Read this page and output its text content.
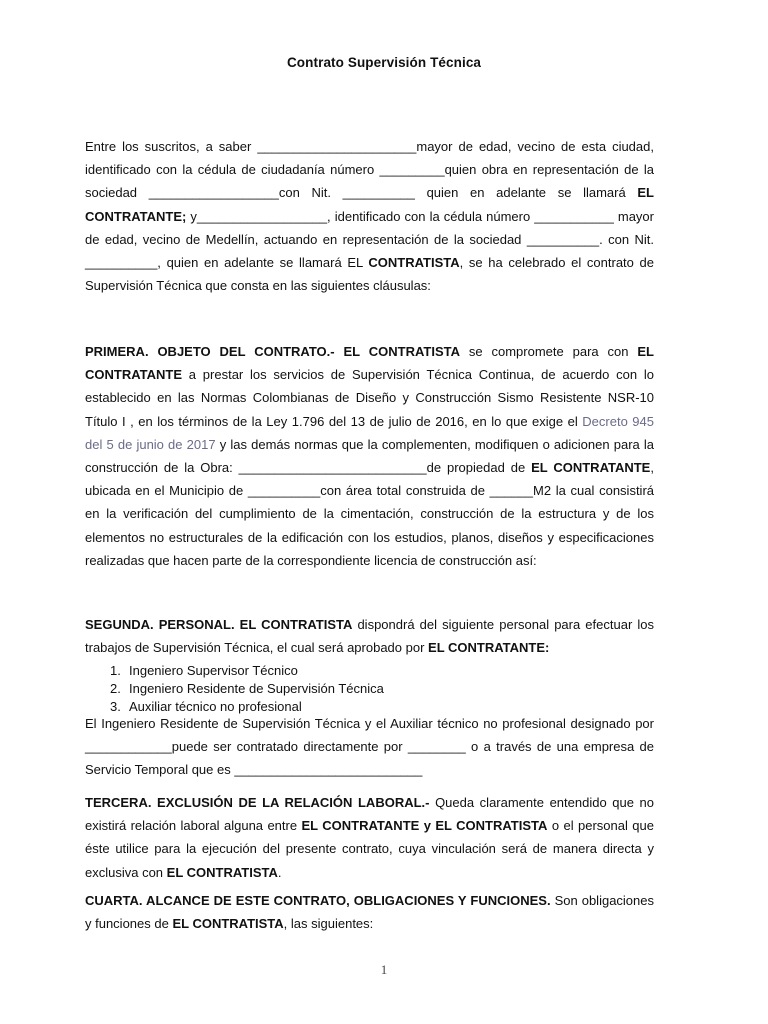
Contrato Supervisión Técnica
Entre los suscritos, a saber ______________________mayor de edad, vecino de esta ciudad, identificado con la cédula de ciudadanía número _________quien obra en representación de la sociedad __________________con Nit. __________ quien en adelante se llamará EL CONTRATANTE; y__________________, identificado con la cédula número ___________ mayor de edad, vecino de Medellín, actuando en representación de la sociedad __________. con Nit. __________, quien en adelante se llamará EL CONTRATISTA, se ha celebrado el contrato de Supervisión Técnica que consta en las siguientes cláusulas:
PRIMERA. OBJETO DEL CONTRATO.- EL CONTRATISTA se compromete para con EL CONTRATANTE a prestar los servicios de Supervisión Técnica Continua, de acuerdo con lo establecido en las Normas Colombianas de Diseño y Construcción Sismo Resistente NSR-10 Título I , en los términos de la Ley 1.796 del 13 de julio de 2016, en lo que exige el Decreto 945 del 5 de junio de 2017 y las demás normas que la complementen, modifiquen o adicionen para la construcción de la Obra: __________________________de propiedad de EL CONTRATANTE, ubicada en el Municipio de __________con área total construida de ______M2 la cual consistirá en la verificación del cumplimiento de la cimentación, construcción de la estructura y de los elementos no estructurales de la edificación con los estudios, planos, diseños y especificaciones realizadas que hacen parte de la correspondiente licencia de construcción así:
SEGUNDA. PERSONAL. EL CONTRATISTA dispondrá del siguiente personal para efectuar los trabajos de Supervisión Técnica, el cual será aprobado por EL CONTRATANTE:
1. Ingeniero Supervisor Técnico
2. Ingeniero Residente de Supervisión Técnica
3. Auxiliar técnico no profesional
El Ingeniero Residente de Supervisión Técnica y el Auxiliar técnico no profesional designado por ____________puede ser contratado directamente por ________ o a través de una empresa de Servicio Temporal que es __________________________
TERCERA. EXCLUSIÓN DE LA RELACIÓN LABORAL.- Queda claramente entendido que no existirá relación laboral alguna entre EL CONTRATANTE y EL CONTRATISTA o el personal que éste utilice para la ejecución del presente contrato, cuya vinculación será de manera directa y exclusiva con EL CONTRATISTA.
CUARTA. ALCANCE DE ESTE CONTRATO, OBLIGACIONES Y FUNCIONES. Son obligaciones y funciones de EL CONTRATISTA, las siguientes:
1
